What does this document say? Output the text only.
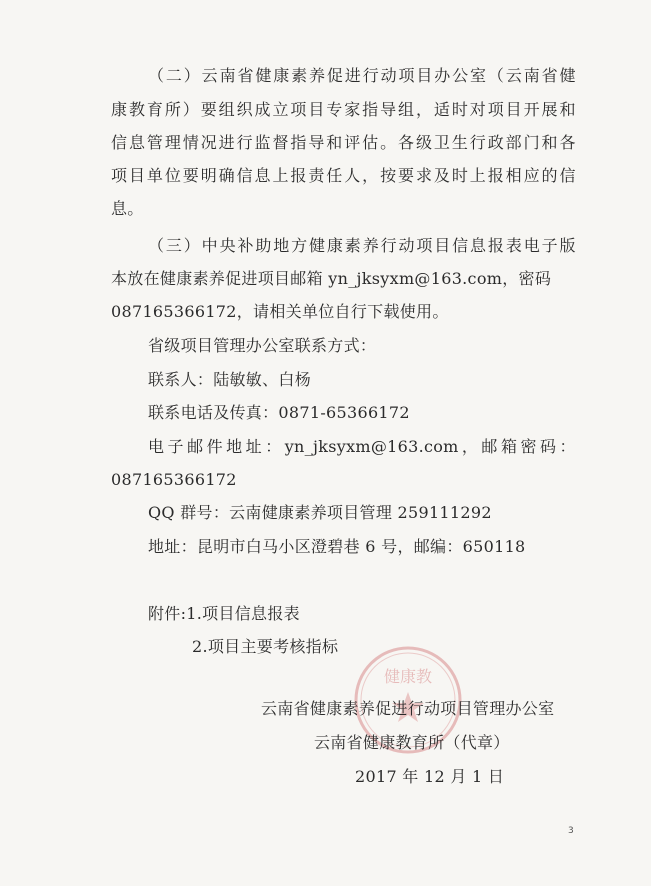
（ 二 ） 云 南 省 健 康 素 养 促 进 行 动 项 目 办 公 室 （ 云 南 省 健
康 教 育 所 ） 要 组 织 成 立 项 目 专 家 指 导 组 ， 适 时 对 项 目 开 展 和
信 息 管 理 情 况 进 行 监 督 指 导 和 评 估 。 各 级 卫 生 行 政 部 门 和 各
项 目 单 位 要 明 确 信 息 上 报 责 任 人 ， 按 要 求 及 时 上 报 相 应 的 信
息。
（ 三 ） 中 央 补 助 地 方 健 康 素 养 行 动 项 目 信 息 报 表 电 子 版
本放在健康素养促进项目邮箱 yn_jksyxm@163.com，密码
087165366172，请相关单位自行下载使用。
省级项目管理办公室联系方式：
联系人：陆敏敏、白杨
联系电话及传真：0871-65366172
电 子 邮 件 地 址 ： yn_jksyxm@163.com ， 邮 箱 密 码 ：
087165366172
QQ 群号：云南健康素养项目管理 259111292
地址：昆明市白马小区澄碧巷 6 号，邮编：650118
附件:1.项目信息报表
2.项目主要考核指标
健康教
云南省健康素养促进行动项目管理办公室
云南省健康教育所（代章）
2017 年 12 月 1 日
3
